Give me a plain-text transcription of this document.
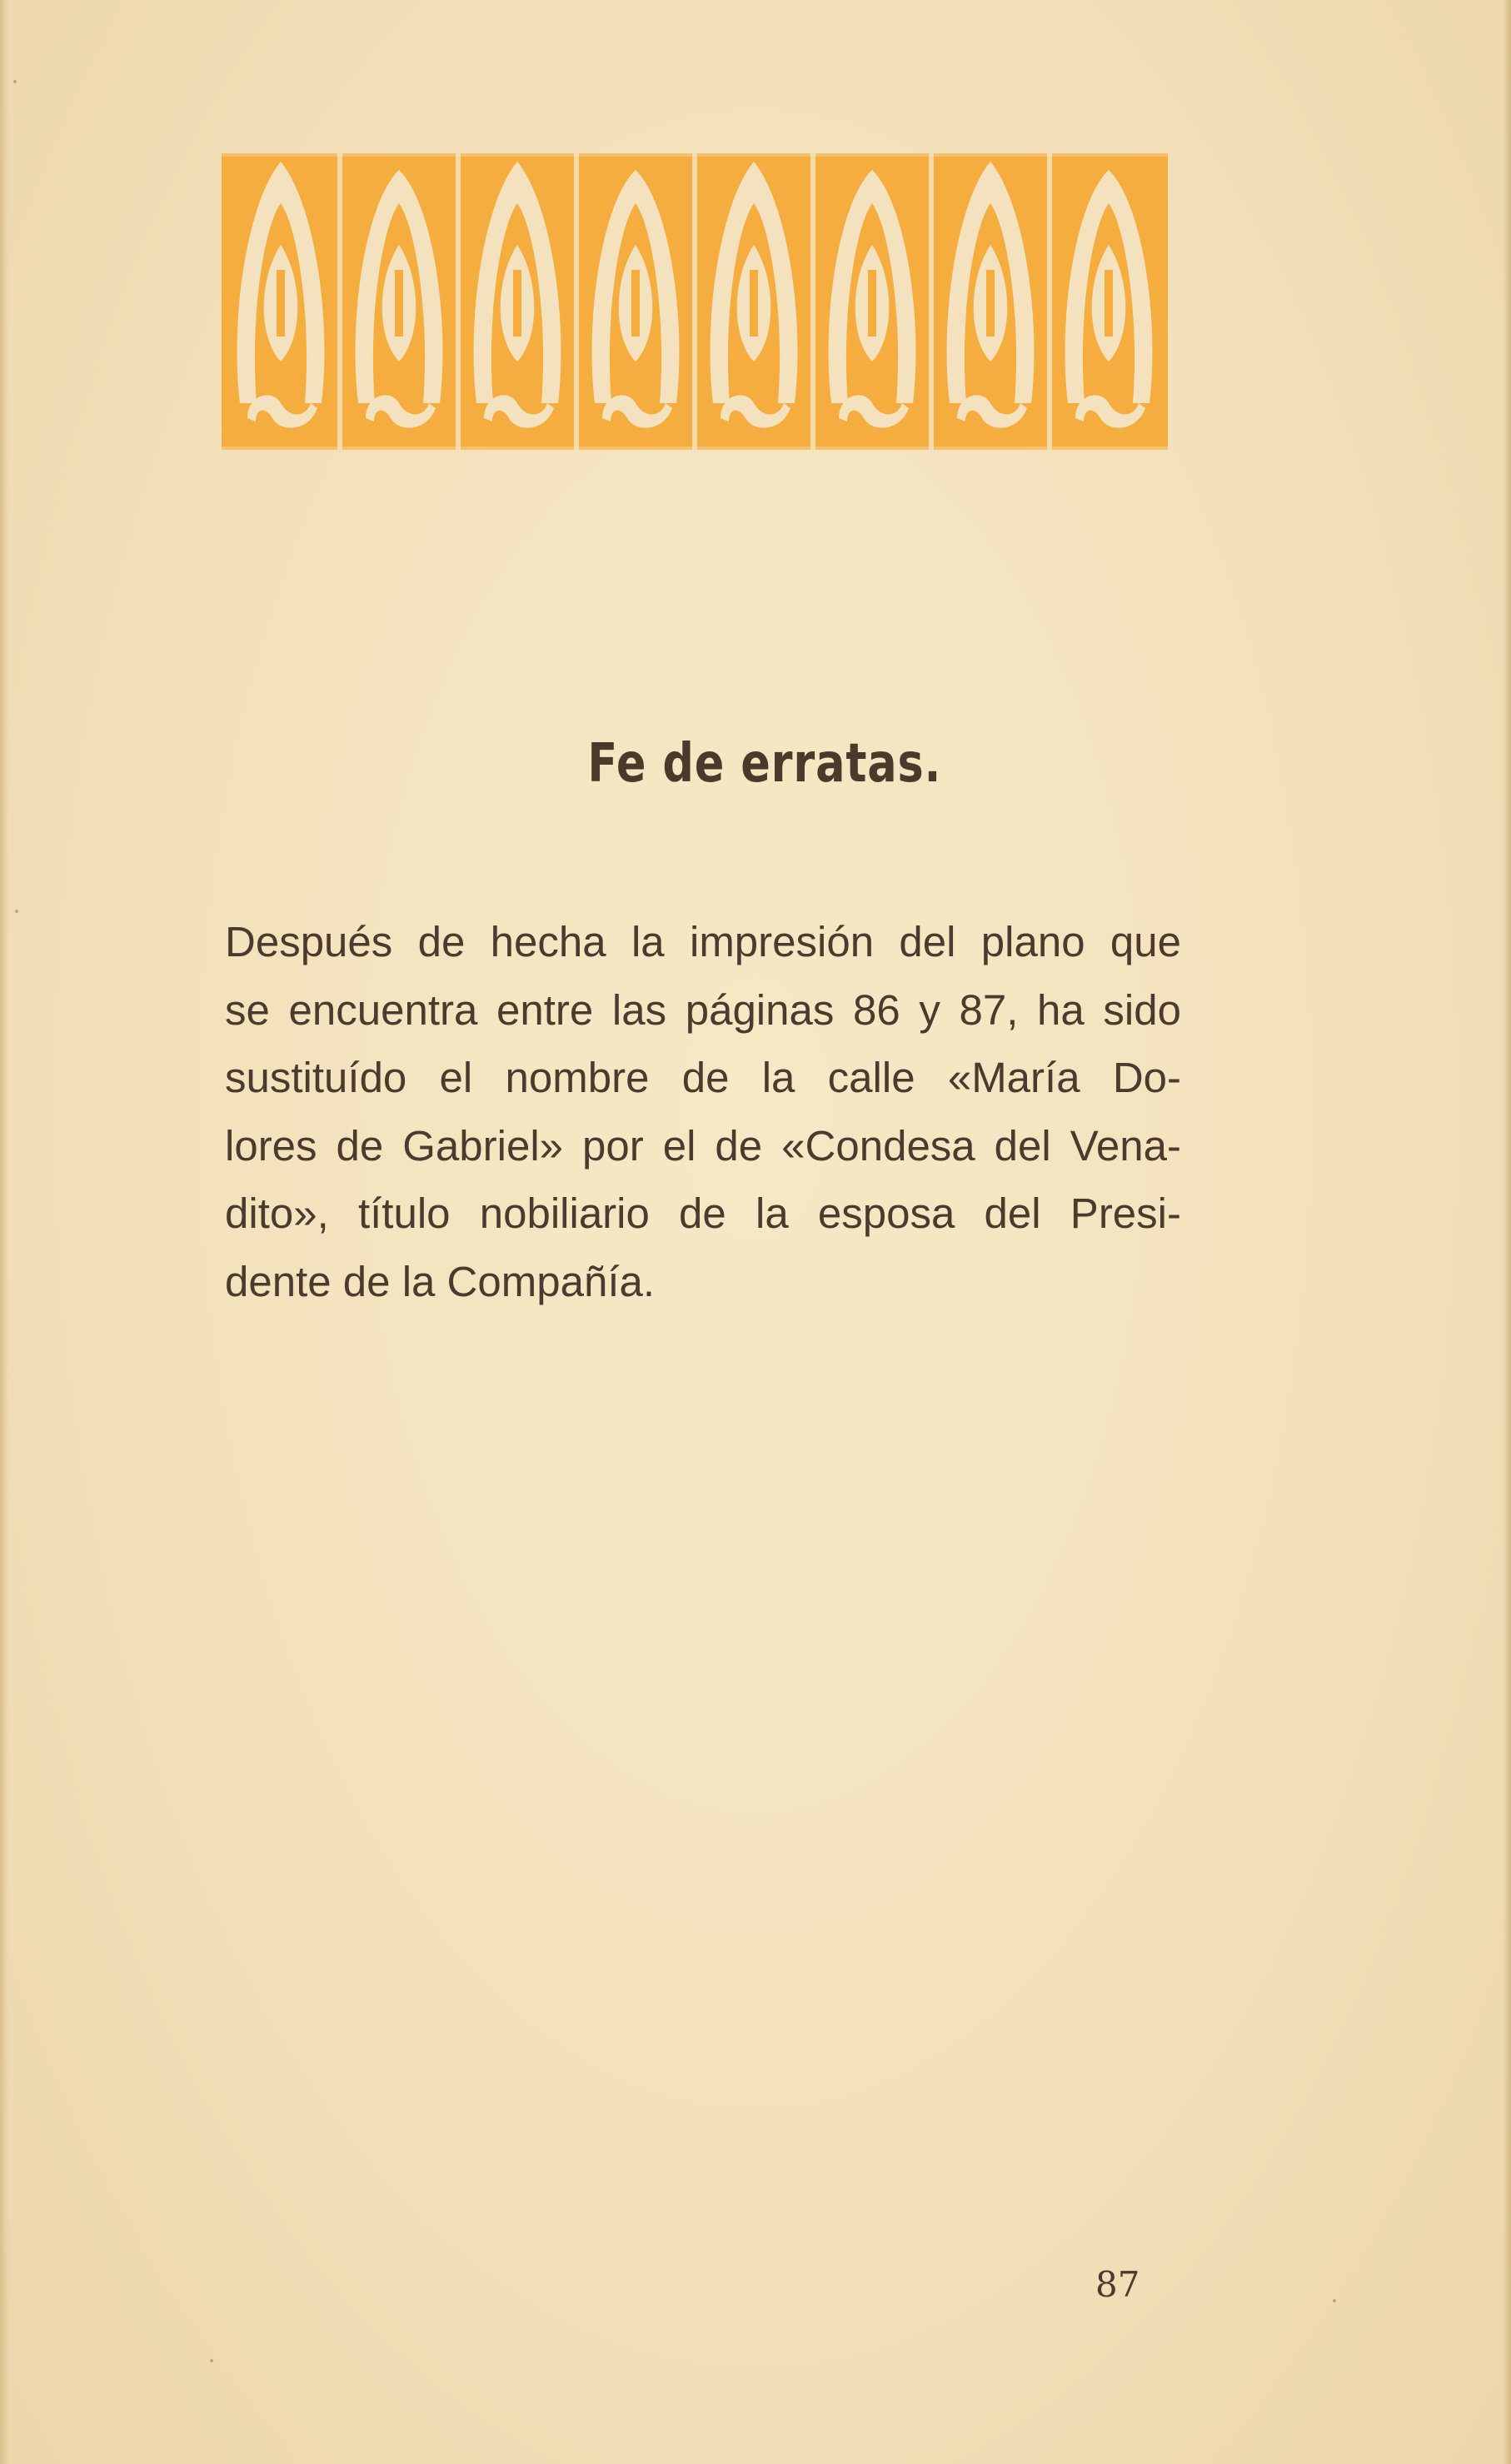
Fe de erratas.
Después de hecha la impresión del plano que
se encuentra entre las páginas 86 y 87, ha sido
sustituído el nombre de la calle «María Do-
lores de Gabriel» por el de «Condesa del Vena-
dito», título nobiliario de la esposa del Presi-
dente de la Compañía.
87
